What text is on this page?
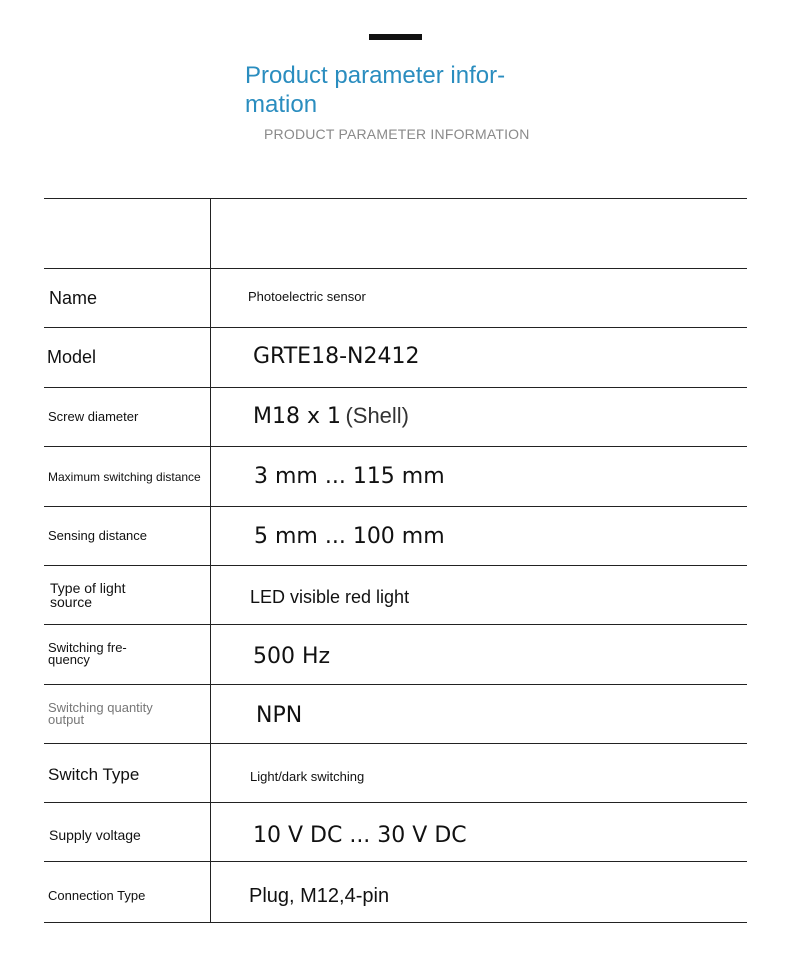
Product parameter infor-
mation
PRODUCT PARAMETER INFORMATION
Name	Photoelectric sensor
Model	GRTE18-N2412
Screw diameter	M18 x 1 (Shell)
Maximum switching distance 3 mm ... 115 mm
Sensing distance	5 mm ... 100 mm
Type of light
source	LED visible red light
Switching fre-
quency	500 Hz
Switching quantity
output	NPN
Switch Type	Light/dark switching
Supply voltage	10 V DC ... 30 V DC
Connection Type	Plug, M12,4-pin
